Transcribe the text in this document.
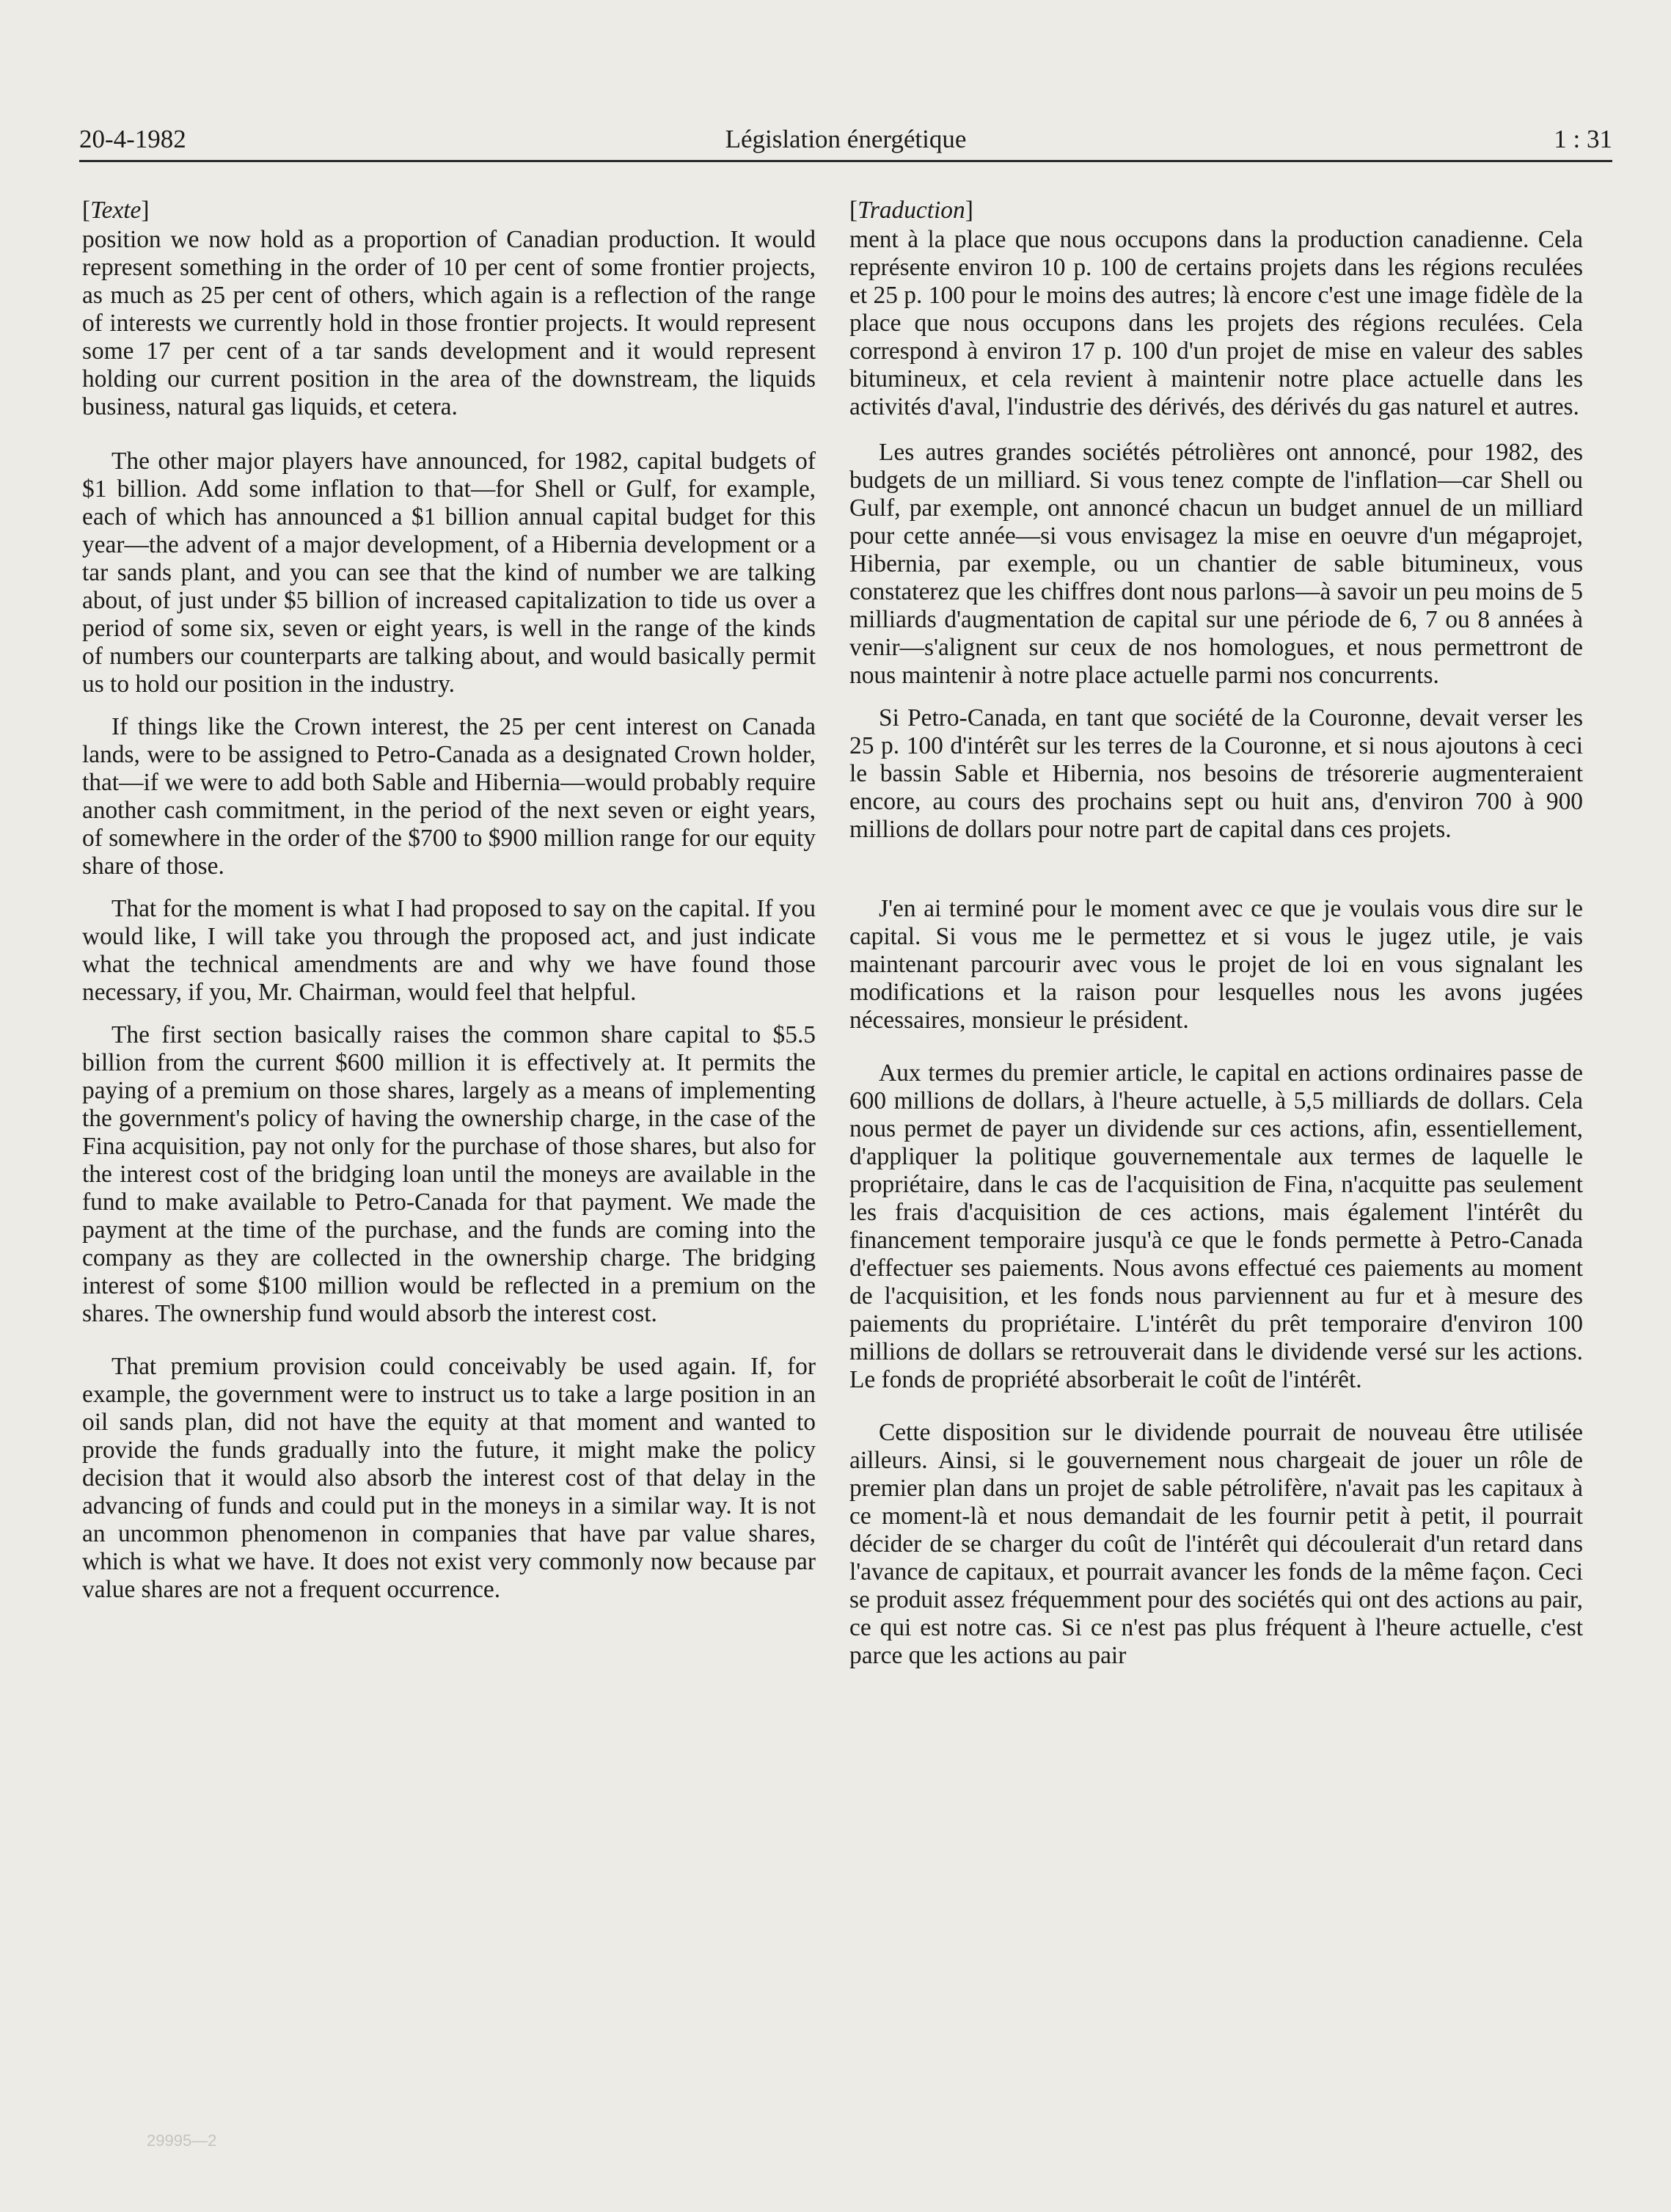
20-4-1982	Législation énergétique	1 : 31
[Texte]

position we now hold as a proportion of Canadian production. It would represent something in the order of 10 per cent of some frontier projects, as much as 25 per cent of others, which again is a reflection of the range of interests we currently hold in those frontier projects. It would represent some 17 per cent of a tar sands development and it would represent holding our current position in the area of the downstream, the liquids business, natural gas liquids, et cetera.

The other major players have announced, for 1982, capital budgets of $1 billion. Add some inflation to that—for Shell or Gulf, for example, each of which has announced a $1 billion annual capital budget for this year—the advent of a major development, of a Hibernia development or a tar sands plant, and you can see that the kind of number we are talking about, of just under $5 billion of increased capitalization to tide us over a period of some six, seven or eight years, is well in the range of the kinds of numbers our counterparts are talking about, and would basically permit us to hold our position in the industry.

If things like the Crown interest, the 25 per cent interest on Canada lands, were to be assigned to Petro-Canada as a designated Crown holder, that—if we were to add both Sable and Hibernia—would probably require another cash commitment, in the period of the next seven or eight years, of somewhere in the order of the $700 to $900 million range for our equity share of those.

That for the moment is what I had proposed to say on the capital. If you would like, I will take you through the proposed act, and just indicate what the technical amendments are and why we have found those necessary, if you, Mr. Chairman, would feel that helpful.

The first section basically raises the common share capital to $5.5 billion from the current $600 million it is effectively at. It permits the paying of a premium on those shares, largely as a means of implementing the government's policy of having the ownership charge, in the case of the Fina acquisition, pay not only for the purchase of those shares, but also for the interest cost of the bridging loan until the moneys are available in the fund to make available to Petro-Canada for that payment. We made the payment at the time of the purchase, and the funds are coming into the company as they are collected in the ownership charge. The bridging interest of some $100 million would be reflected in a premium on the shares. The ownership fund would absorb the interest cost.

That premium provision could conceivably be used again. If, for example, the government were to instruct us to take a large position in an oil sands plan, did not have the equity at that moment and wanted to provide the funds gradually into the future, it might make the policy decision that it would also absorb the interest cost of that delay in the advancing of funds and could put in the moneys in a similar way. It is not an uncommon phenomenon in companies that have par value shares, which is what we have. It does not exist very commonly now because par value shares are not a frequent occurrence.

[Traduction]

ment à la place que nous occupons dans la production canadienne. Cela représente environ 10 p. 100 de certains projets dans les régions reculées et 25 p. 100 pour le moins des autres; là encore c'est une image fidèle de la place que nous occupons dans les projets des régions reculées. Cela correspond à environ 17 p. 100 d'un projet de mise en valeur des sables bitumineux, et cela revient à maintenir notre place actuelle dans les activités d'aval, l'industrie des dérivés, des dérivés du gas naturel et autres.

Les autres grandes sociétés pétrolières ont annoncé, pour 1982, des budgets de un milliard. Si vous tenez compte de l'inflation—car Shell ou Gulf, par exemple, ont annoncé chacun un budget annuel de un milliard pour cette année—si vous envisagez la mise en oeuvre d'un mégaprojet, Hibernia, par exemple, ou un chantier de sable bitumineux, vous constaterez que les chiffres dont nous parlons—à savoir un peu moins de 5 milliards d'augmentation de capital sur une période de 6, 7 ou 8 années à venir—s'alignent sur ceux de nos homologues, et nous permettront de nous maintenir à notre place actuelle parmi nos concurrents.

Si Petro-Canada, en tant que société de la Couronne, devait verser les 25 p. 100 d'intérêt sur les terres de la Couronne, et si nous ajoutons à ceci le bassin Sable et Hibernia, nos besoins de trésorerie augmenteraient encore, au cours des prochains sept ou huit ans, d'environ 700 à 900 millions de dollars pour notre part de capital dans ces projets.

J'en ai terminé pour le moment avec ce que je voulais vous dire sur le capital. Si vous me le permettez et si vous le jugez utile, je vais maintenant parcourir avec vous le projet de loi en vous signalant les modifications et la raison pour lesquelles nous les avons jugées nécessaires, monsieur le président.

Aux termes du premier article, le capital en actions ordinaires passe de 600 millions de dollars, à l'heure actuelle, à 5,5 milliards de dollars. Cela nous permet de payer un dividende sur ces actions, afin, essentiellement, d'appliquer la politique gouvernementale aux termes de laquelle le propriétaire, dans le cas de l'acquisition de Fina, n'acquitte pas seulement les frais d'acquisition de ces actions, mais également l'intérêt du financement temporaire jusqu'à ce que le fonds permette à Petro-Canada d'effectuer ses paiements. Nous avons effectué ces paiements au moment de l'acquisition, et les fonds nous parviennent au fur et à mesure des paiements du propriétaire. L'intérêt du prêt temporaire d'environ 100 millions de dollars se retrouverait dans le dividende versé sur les actions. Le fonds de propriété absorberait le coût de l'intérêt.

Cette disposition sur le dividende pourrait de nouveau être utilisée ailleurs. Ainsi, si le gouvernement nous chargeait de jouer un rôle de premier plan dans un projet de sable pétrolifère, n'avait pas les capitaux à ce moment-là et nous demandait de les fournir petit à petit, il pourrait décider de se charger du coût de l'intérêt qui découlerait d'un retard dans l'avance de capitaux, et pourrait avancer les fonds de la même façon. Ceci se produit assez fréquemment pour des sociétés qui ont des actions au pair, ce qui est notre cas. Si ce n'est pas plus fréquent à l'heure actuelle, c'est parce que les actions au pair

29995—2
